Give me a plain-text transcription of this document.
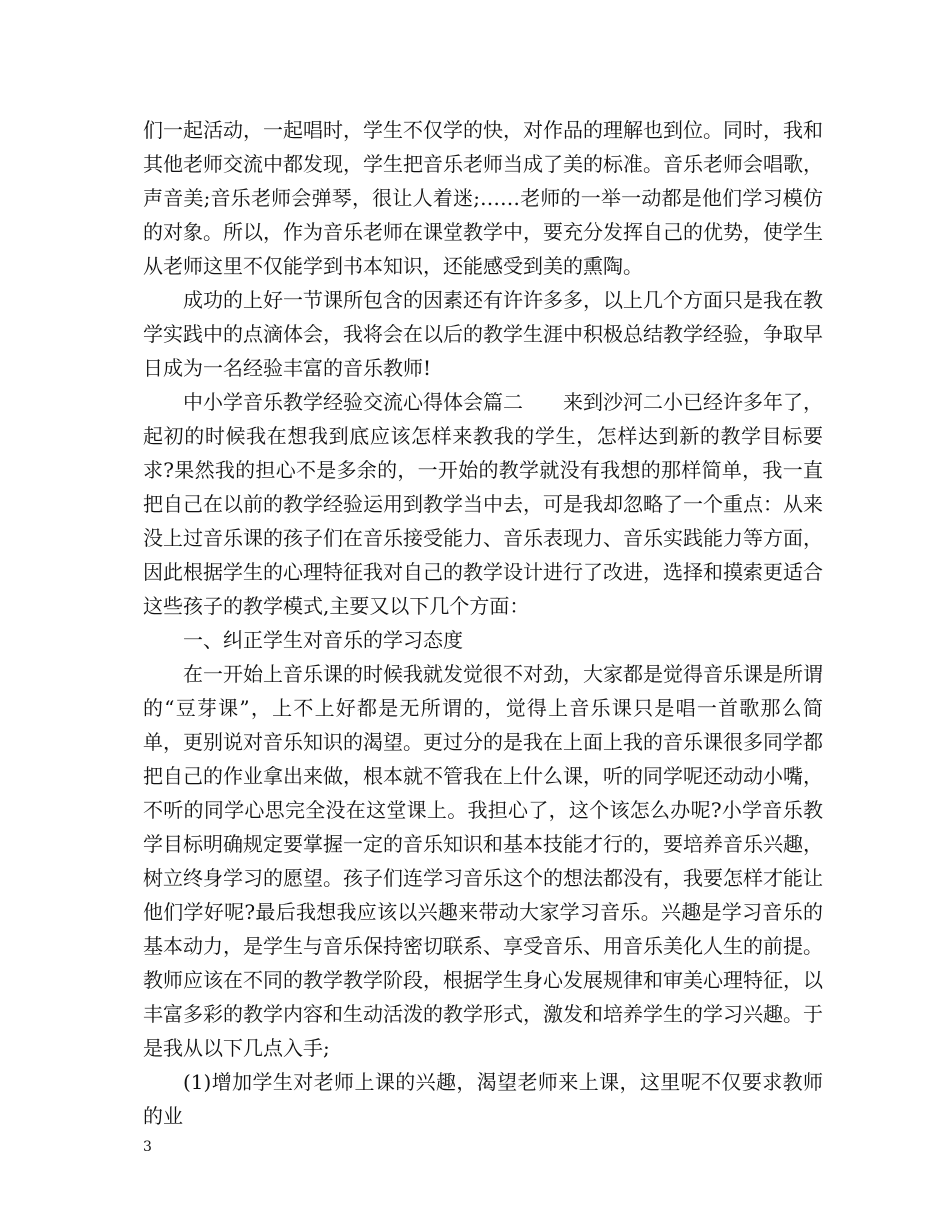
们一起活动，一起唱时，学生不仅学的快，对作品的理解也到位。同时，我和其他老师交流中都发现，学生把音乐老师当成了美的标准。音乐老师会唱歌，声音美;音乐老师会弹琴，很让人着迷;……老师的一举一动都是他们学习模仿的对象。所以，作为音乐老师在课堂教学中，要充分发挥自己的优势，使学生从老师这里不仅能学到书本知识，还能感受到美的熏陶。

成功的上好一节课所包含的因素还有许许多多，以上几个方面只是我在教学实践中的点滴体会，我将会在以后的教学生涯中积极总结教学经验，争取早日成为一名经验丰富的音乐教师!

中小学音乐教学经验交流心得体会篇二　　来到沙河二小已经许多年了，起初的时候我在想我到底应该怎样来教我的学生，怎样达到新的教学目标要求?果然我的担心不是多余的，一开始的教学就没有我想的那样简单，我一直把自己在以前的教学经验运用到教学当中去，可是我却忽略了一个重点：从来没上过音乐课的孩子们在音乐接受能力、音乐表现力、音乐实践能力等方面，因此根据学生的心理特征我对自己的教学设计进行了改进，选择和摸索更适合这些孩子的教学模式,主要又以下几个方面：

一、纠正学生对音乐的学习态度

在一开始上音乐课的时候我就发觉很不对劲，大家都是觉得音乐课是所谓的“豆芽课”，上不上好都是无所谓的，觉得上音乐课只是唱一首歌那么简单，更别说对音乐知识的渴望。更过分的是我在上面上我的音乐课很多同学都把自己的作业拿出来做，根本就不管我在上什么课，听的同学呢还动动小嘴，不听的同学心思完全没在这堂课上。我担心了，这个该怎么办呢?小学音乐教学目标明确规定要掌握一定的音乐知识和基本技能才行的，要培养音乐兴趣，树立终身学习的愿望。孩子们连学习音乐这个的想法都没有，我要怎样才能让他们学好呢?最后我想我应该以兴趣来带动大家学习音乐。兴趣是学习音乐的基本动力，是学生与音乐保持密切联系、享受音乐、用音乐美化人生的前提。教师应该在不同的教学教学阶段，根据学生身心发展规律和审美心理特征，以丰富多彩的教学内容和生动活泼的教学形式，激发和培养学生的学习兴趣。于是我从以下几点入手;

(1)增加学生对老师上课的兴趣，渴望老师来上课，这里呢不仅要求教师的业

3
